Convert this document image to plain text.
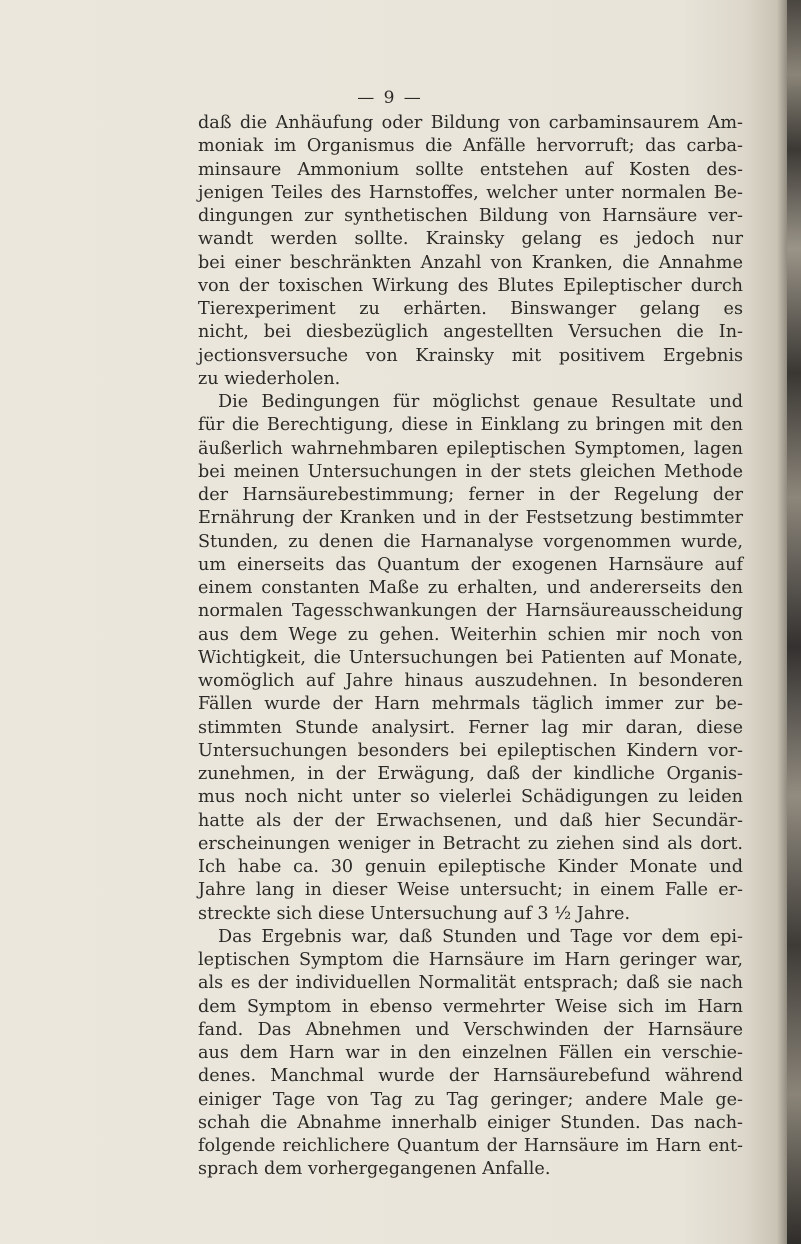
— 9 —
daß die Anhäufung oder Bildung von carbaminsaurem Am-
moniak im Organismus die Anfälle hervorruft; das carba-
minsaure Ammonium sollte entstehen auf Kosten des-
jenigen Teiles des Harnstoffes, welcher unter normalen Be-
dingungen zur synthetischen Bildung von Harnsäure ver-
wandt werden sollte. Krainsky gelang es jedoch nur
bei einer beschränkten Anzahl von Kranken, die Annahme
von der toxischen Wirkung des Blutes Epileptischer durch
Tierexperiment zu erhärten. Binswanger gelang es
nicht, bei diesbezüglich angestellten Versuchen die In-
jectionsversuche von Krainsky mit positivem Ergebnis
zu wiederholen.
Die Bedingungen für möglichst genaue Resultate und
für die Berechtigung, diese in Einklang zu bringen mit den
äußerlich wahrnehmbaren epileptischen Symptomen, lagen
bei meinen Untersuchungen in der stets gleichen Methode
der Harnsäurebestimmung; ferner in der Regelung der
Ernährung der Kranken und in der Festsetzung bestimmter
Stunden, zu denen die Harnanalyse vorgenommen wurde,
um einerseits das Quantum der exogenen Harnsäure auf
einem constanten Maße zu erhalten, und andererseits den
normalen Tagesschwankungen der Harnsäureausscheidung
aus dem Wege zu gehen. Weiterhin schien mir noch von
Wichtigkeit, die Untersuchungen bei Patienten auf Monate,
womöglich auf Jahre hinaus auszudehnen. In besonderen
Fällen wurde der Harn mehrmals täglich immer zur be-
stimmten Stunde analysirt. Ferner lag mir daran, diese
Untersuchungen besonders bei epileptischen Kindern vor-
zunehmen, in der Erwägung, daß der kindliche Organis-
mus noch nicht unter so vielerlei Schädigungen zu leiden
hatte als der der Erwachsenen, und daß hier Secundär-
erscheinungen weniger in Betracht zu ziehen sind als dort.
Ich habe ca. 30 genuin epileptische Kinder Monate und
Jahre lang in dieser Weise untersucht; in einem Falle er-
streckte sich diese Untersuchung auf 3 ½ Jahre.
Das Ergebnis war, daß Stunden und Tage vor dem epi-
leptischen Symptom die Harnsäure im Harn geringer war,
als es der individuellen Normalität entsprach; daß sie nach
dem Symptom in ebenso vermehrter Weise sich im Harn
fand. Das Abnehmen und Verschwinden der Harnsäure
aus dem Harn war in den einzelnen Fällen ein verschie-
denes. Manchmal wurde der Harnsäurebefund während
einiger Tage von Tag zu Tag geringer; andere Male ge-
schah die Abnahme innerhalb einiger Stunden. Das nach-
folgende reichlichere Quantum der Harnsäure im Harn ent-
sprach dem vorhergegangenen Anfalle.
